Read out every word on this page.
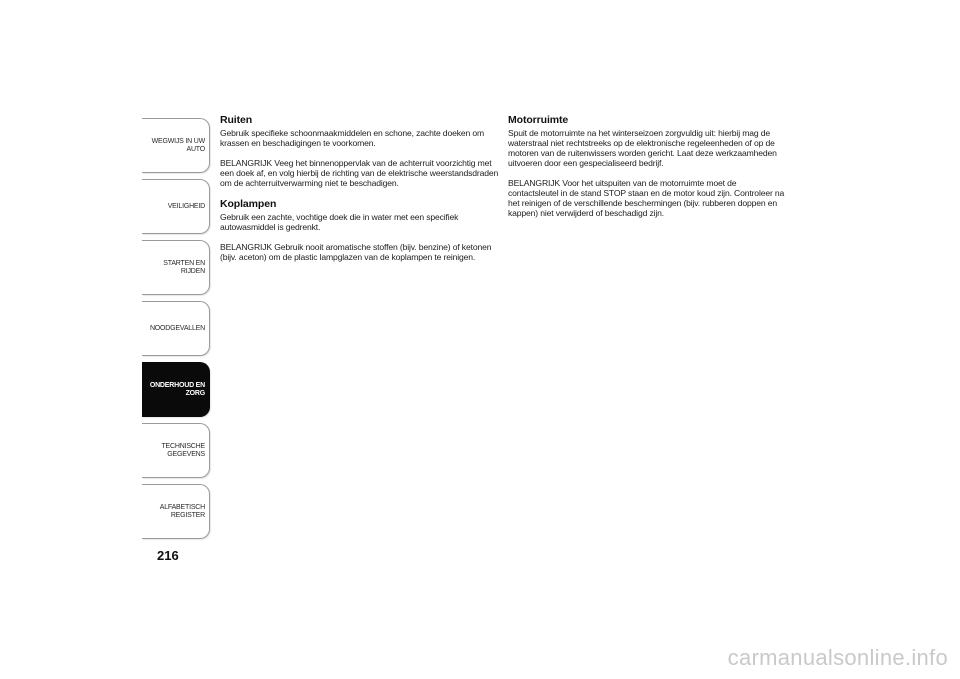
WEGWIJS IN UW
AUTO
VEILIGHEID
STARTEN EN RIJDEN
NOODGEVALLEN
ONDERHOUD EN
ZORG
TECHNISCHE
GEGEVENS
ALFABETISCH
REGISTER
216
Ruiten

Gebruik specifieke schoonmaakmiddelen en schone, zachte doeken om krassen en beschadigingen te voorkomen.

BELANGRIJK Veeg het binnenoppervlak van de achterruit voorzichtig met een doek af, en volg hierbij de richting van de elektrische weerstandsdraden om de achterruitverwarming niet te beschadigen.

Koplampen

Gebruik een zachte, vochtige doek die in water met een specifiek autowasmiddel is gedrenkt.

BELANGRIJK Gebruik nooit aromatische stoffen (bijv. benzine) of ketonen (bijv. aceton) om de plastic lampglazen van de koplampen te reinigen.

Motorruimte

Spuit de motorruimte na het winterseizoen zorgvuldig uit: hierbij mag de waterstraal niet rechtstreeks op de elektronische regeleenheden of op de motoren van de ruitenwissers worden gericht. Laat deze werkzaamheden uitvoeren door een gespecialiseerd bedrijf.

BELANGRIJK Voor het uitspuiten van de motorruimte moet de contactsleutel in de stand STOP staan en de motor koud zijn. Controleer na het reinigen of de verschillende beschermingen (bijv. rubberen doppen en kappen) niet verwijderd of beschadigd zijn.

carmanualsonline.info
